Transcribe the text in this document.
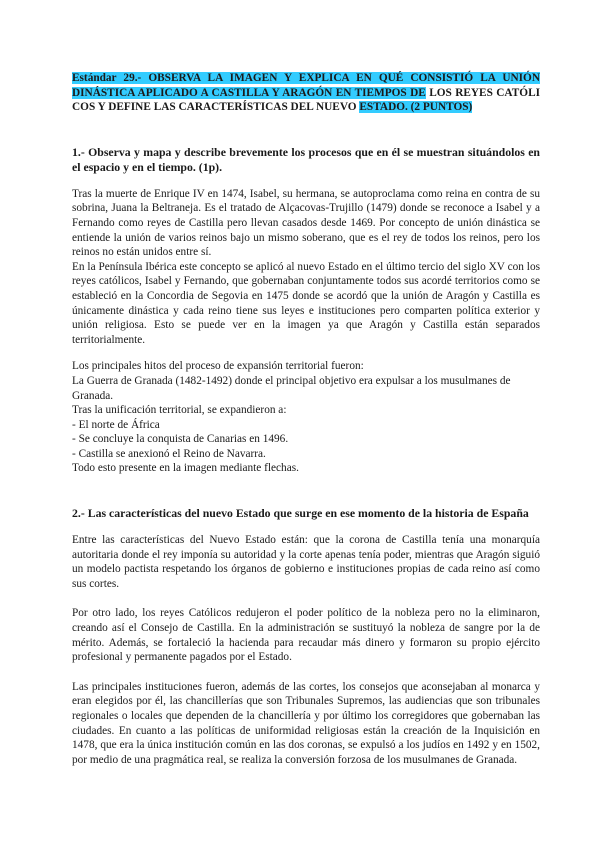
Estándar 29.- OBSERVA LA IMAGEN Y EXPLICA EN QUÉ CONSISTIÓ LA UNIÓN DINÁSTICA APLICADO A CASTILLA Y ARAGÓN EN TIEMPOS DE LOS REYES CATÓLI COS Y DEFINE LAS CARACTERÍSTICAS DEL NUEVO ESTADO. (2 PUNTOS)

1.- Observa y mapa y describe brevemente los procesos que en él se muestran situándolos en el espacio y en el tiempo. (1p).

Tras la muerte de Enrique IV en 1474, Isabel, su hermana, se autoproclama como reina en contra de su sobrina, Juana la Beltraneja. Es el tratado de Alçacovas-Trujillo (1479) donde se reconoce a Isabel y a Fernando como reyes de Castilla pero llevan casados desde 1469. Por concepto de unión dinástica se entiende la unión de varios reinos bajo un mismo soberano, que es el rey de todos los reinos, pero los reinos no están unidos entre sí.

En la Península Ibérica este concepto se aplicó al nuevo Estado en el último tercio del siglo XV con los reyes católicos, Isabel y Fernando, que gobernaban conjuntamente todos sus acordé territorios como se estableció en la Concordia de Segovia en 1475 donde se acordó que la unión de Aragón y Castilla es únicamente dinástica y cada reino tiene sus leyes e instituciones pero comparten política exterior y unión religiosa. Esto se puede ver en la imagen ya que Aragón y Castilla están separados territorialmente.

Los principales hitos del proceso de expansión territorial fueron:

La Guerra de Granada (1482-1492) donde el principal objetivo era expulsar a los musulmanes de Granada.

Tras la unificación territorial, se expandieron a:

- El norte de África

- Se concluye la conquista de Canarias en 1496.

- Castilla se anexionó el Reino de Navarra.

Todo esto presente en la imagen mediante flechas.

2.- Las características del nuevo Estado que surge en ese momento de la historia de España

Entre las características del Nuevo Estado están: que la corona de Castilla tenía una monarquía autoritaria donde el rey imponía su autoridad y la corte apenas tenía poder, mientras que Aragón siguió un modelo pactista respetando los órganos de gobierno e instituciones propias de cada reino así como sus cortes.

Por otro lado, los reyes Católicos redujeron el poder político de la nobleza pero no la eliminaron, creando así el Consejo de Castilla. En la administración se sustituyó la nobleza de sangre por la de mérito. Además, se fortaleció la hacienda para recaudar más dinero y formaron su propio ejército profesional y permanente pagados por el Estado.

Las principales instituciones fueron, además de las cortes, los consejos que aconsejaban al monarca y eran elegidos por él, las chancillerías que son Tribunales Supremos, las audiencias que son tribunales regionales o locales que dependen de la chancillería y por último los corregidores que gobernaban las ciudades. En cuanto a las políticas de uniformidad religiosas están la creación de la Inquisición en 1478, que era la única institución común en las dos coronas, se expulsó a los judíos en 1492 y en 1502, por medio de una pragmática real, se realiza la conversión forzosa de los musulmanes de Granada.
